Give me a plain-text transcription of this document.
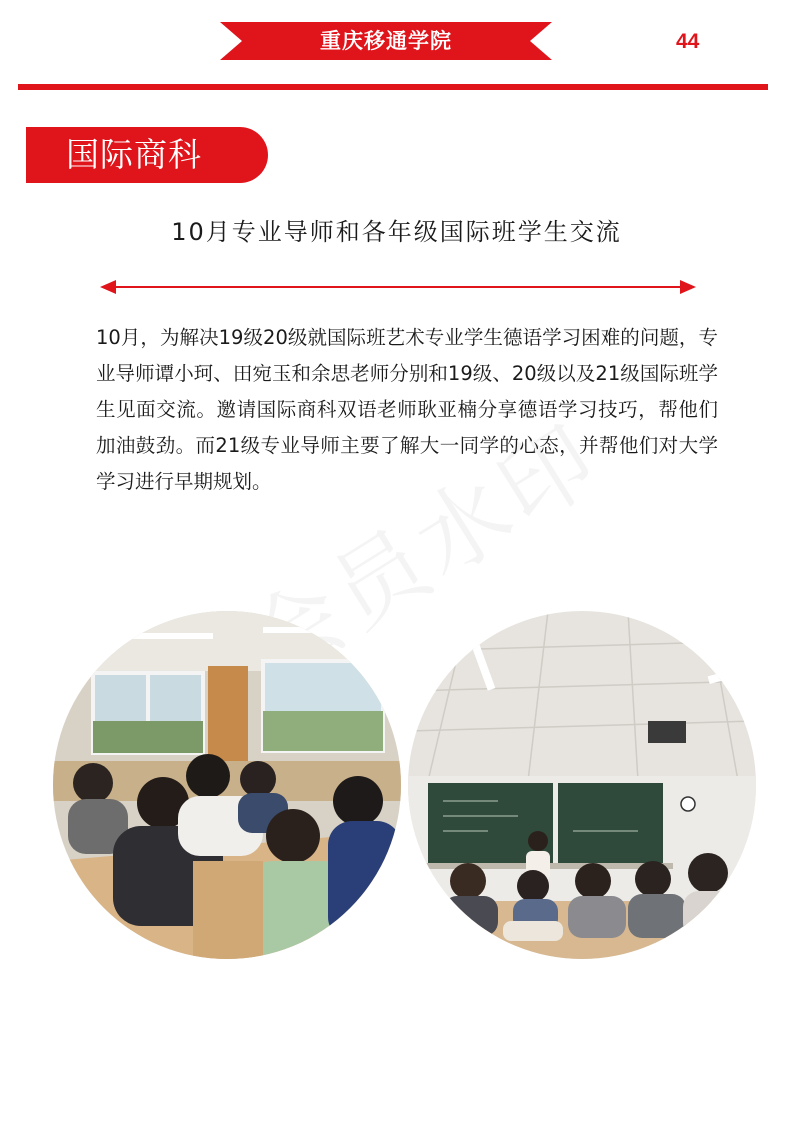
重庆移通学院	44
国际商科
10月专业导师和各年级国际班学生交流

10月，为解决19级20级就国际班艺术专业学生德语学习困难的问题，专业导师谭小珂、田宛玉和余思老师分别和19级、20级以及21级国际班学生见面交流。邀请国际商科双语老师耿亚楠分享德语学习技巧，帮他们加油鼓劲。而21级专业导师主要了解大一同学的心态，并帮他们对大学学习进行早期规划。
